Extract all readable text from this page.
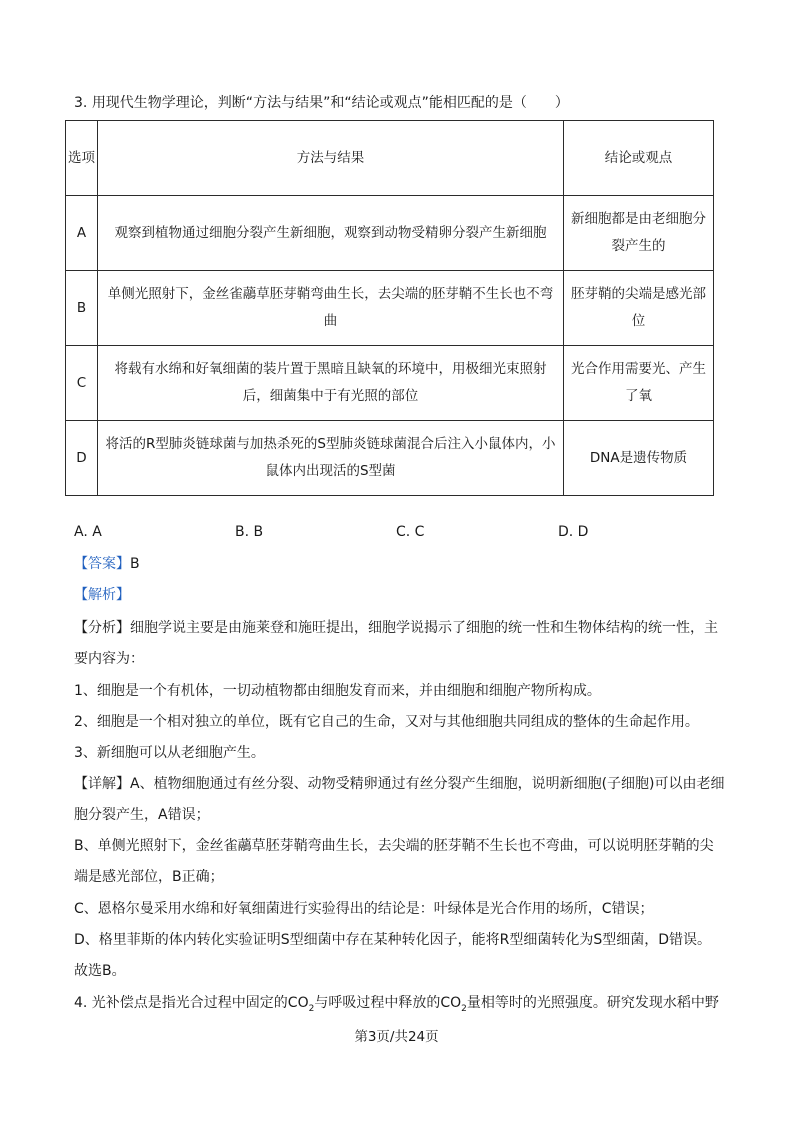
3. 用现代生物学理论，判断“方法与结果”和“结论或观点”能相匹配的是（　　）
选项	方法与结果	结论或观点
A	观察到植物通过细胞分裂产生新细胞，观察到动物受精卵分裂产生新细胞	新细胞都是由老细胞分裂产生的
B	单侧光照射下，金丝雀虉草胚芽鞘弯曲生长，去尖端的胚芽鞘不生长也不弯曲	胚芽鞘的尖端是感光部位
C	将载有水绵和好氧细菌的装片置于黑暗且缺氧的环境中，用极细光束照射后，细菌集中于有光照的部位	光合作用需要光、产生了氧
D	将活的R型肺炎链球菌与加热杀死的S型肺炎链球菌混合后注入小鼠体内，小鼠体内出现活的S型菌	DNA是遗传物质
A. A	B. B	C. C	D. D
【答案】B
【解析】
【分析】细胞学说主要是由施莱登和施旺提出，细胞学说揭示了细胞的统一性和生物体结构的统一性，主要内容为：
1、细胞是一个有机体，一切动植物都由细胞发育而来，并由细胞和细胞产物所构成。
2、细胞是一个相对独立的单位，既有它自己的生命，又对与其他细胞共同组成的整体的生命起作用。
3、新细胞可以从老细胞产生。
【详解】A、植物细胞通过有丝分裂、动物受精卵通过有丝分裂产生细胞，说明新细胞(子细胞)可以由老细胞分裂产生，A错误；
B、单侧光照射下，金丝雀虉草胚芽鞘弯曲生长，去尖端的胚芽鞘不生长也不弯曲，可以说明胚芽鞘的尖端是感光部位，B正确；
C、恩格尔曼采用水绵和好氧细菌进行实验得出的结论是：叶绿体是光合作用的场所，C错误；
D、格里菲斯的体内转化实验证明S型细菌中存在某种转化因子，能将R型细菌转化为S型细菌，D错误。
故选B。
4. 光补偿点是指光合过程中固定的$CO_2$与呼吸过程中释放的$CO_2$量相等时的光照强度。研究发现水稻中野
第3页/共24页
